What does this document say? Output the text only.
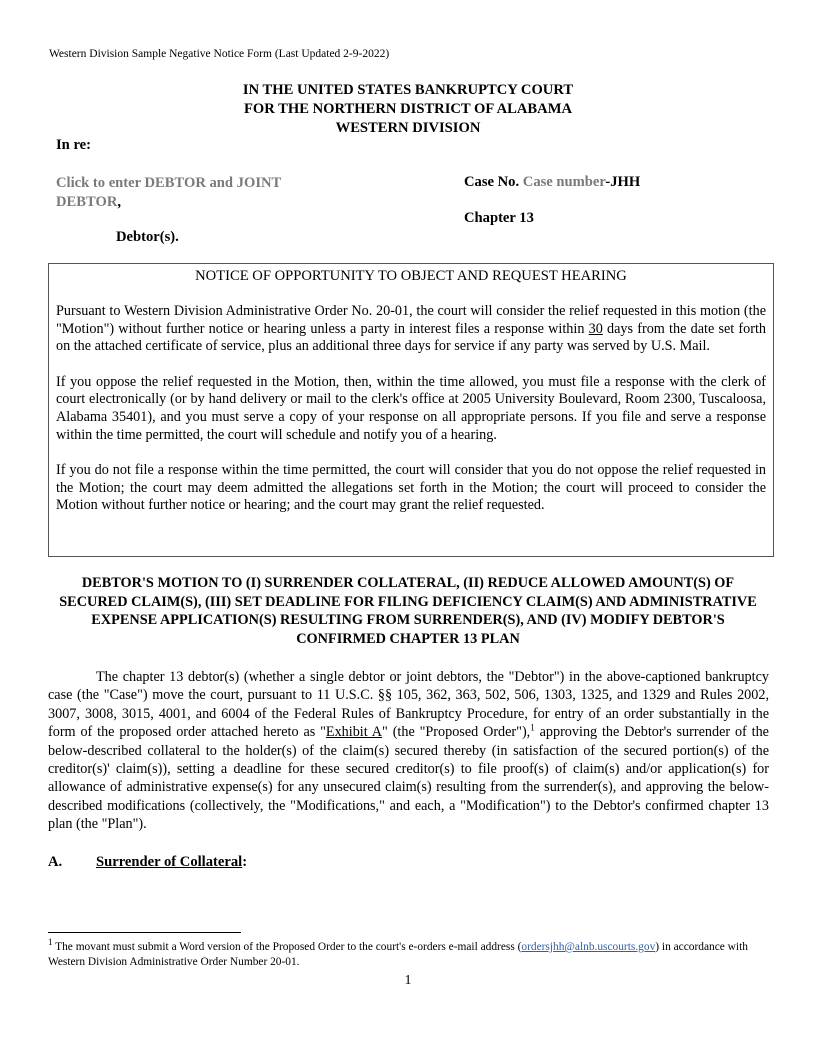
Western Division Sample Negative Notice Form (Last Updated 2-9-2022)
IN THE UNITED STATES BANKRUPTCY COURT
FOR THE NORTHERN DISTRICT OF ALABAMA
WESTERN DIVISION
In re:
Click to enter DEBTOR and JOINT
DEBTOR,
Debtor(s).
Case No. Case number-JHH
Chapter 13
NOTICE OF OPPORTUNITY TO OBJECT AND REQUEST HEARING

Pursuant to Western Division Administrative Order No. 20-01, the court will consider the relief requested in this motion (the "Motion") without further notice or hearing unless a party in interest files a response within 30 days from the date set forth on the attached certificate of service, plus an additional three days for service if any party was served by U.S. Mail.

If you oppose the relief requested in the Motion, then, within the time allowed, you must file a response with the clerk of court electronically (or by hand delivery or mail to the clerk's office at 2005 University Boulevard, Room 2300, Tuscaloosa, Alabama 35401), and you must serve a copy of your response on all appropriate persons. If you file and serve a response within the time permitted, the court will schedule and notify you of a hearing.

If you do not file a response within the time permitted, the court will consider that you do not oppose the relief requested in the Motion; the court may deem admitted the allegations set forth in the Motion; the court will proceed to consider the Motion without further notice or hearing; and the court may grant the relief requested.

DEBTOR'S MOTION TO (I) SURRENDER COLLATERAL, (II) REDUCE ALLOWED AMOUNT(S) OF SECURED CLAIM(S), (III) SET DEADLINE FOR FILING DEFICIENCY CLAIM(S) AND ADMINISTRATIVE EXPENSE APPLICATION(S) RESULTING FROM SURRENDER(S), AND (IV) MODIFY DEBTOR'S CONFIRMED CHAPTER 13 PLAN
The chapter 13 debtor(s) (whether a single debtor or joint debtors, the "Debtor") in the above-captioned bankruptcy case (the "Case") move the court, pursuant to 11 U.S.C. §§ 105, 362, 363, 502, 506, 1303, 1325, and 1329 and Rules 2002, 3007, 3008, 3015, 4001, and 6004 of the Federal Rules of Bankruptcy Procedure, for entry of an order substantially in the form of the proposed order attached hereto as "Exhibit A" (the "Proposed Order"),$^1$ approving the Debtor's surrender of the below-described collateral to the holder(s) of the claim(s) secured thereby (in satisfaction of the secured portion(s) of the creditor(s)' claim(s)), setting a deadline for these secured creditor(s) to file proof(s) of claim(s) and/or application(s) for allowance of administrative expense(s) for any unsecured claim(s) resulting from the surrender(s), and approving the below-described modifications (collectively, the "Modifications," and each, a "Modification") to the Debtor's confirmed chapter 13 plan (the "Plan").
A. Surrender of Collateral:
$^1$ The movant must submit a Word version of the Proposed Order to the court's e-orders e-mail address (ordersjhh@alnb.uscourts.gov) in accordance with Western Division Administrative Order Number 20-01.
1
